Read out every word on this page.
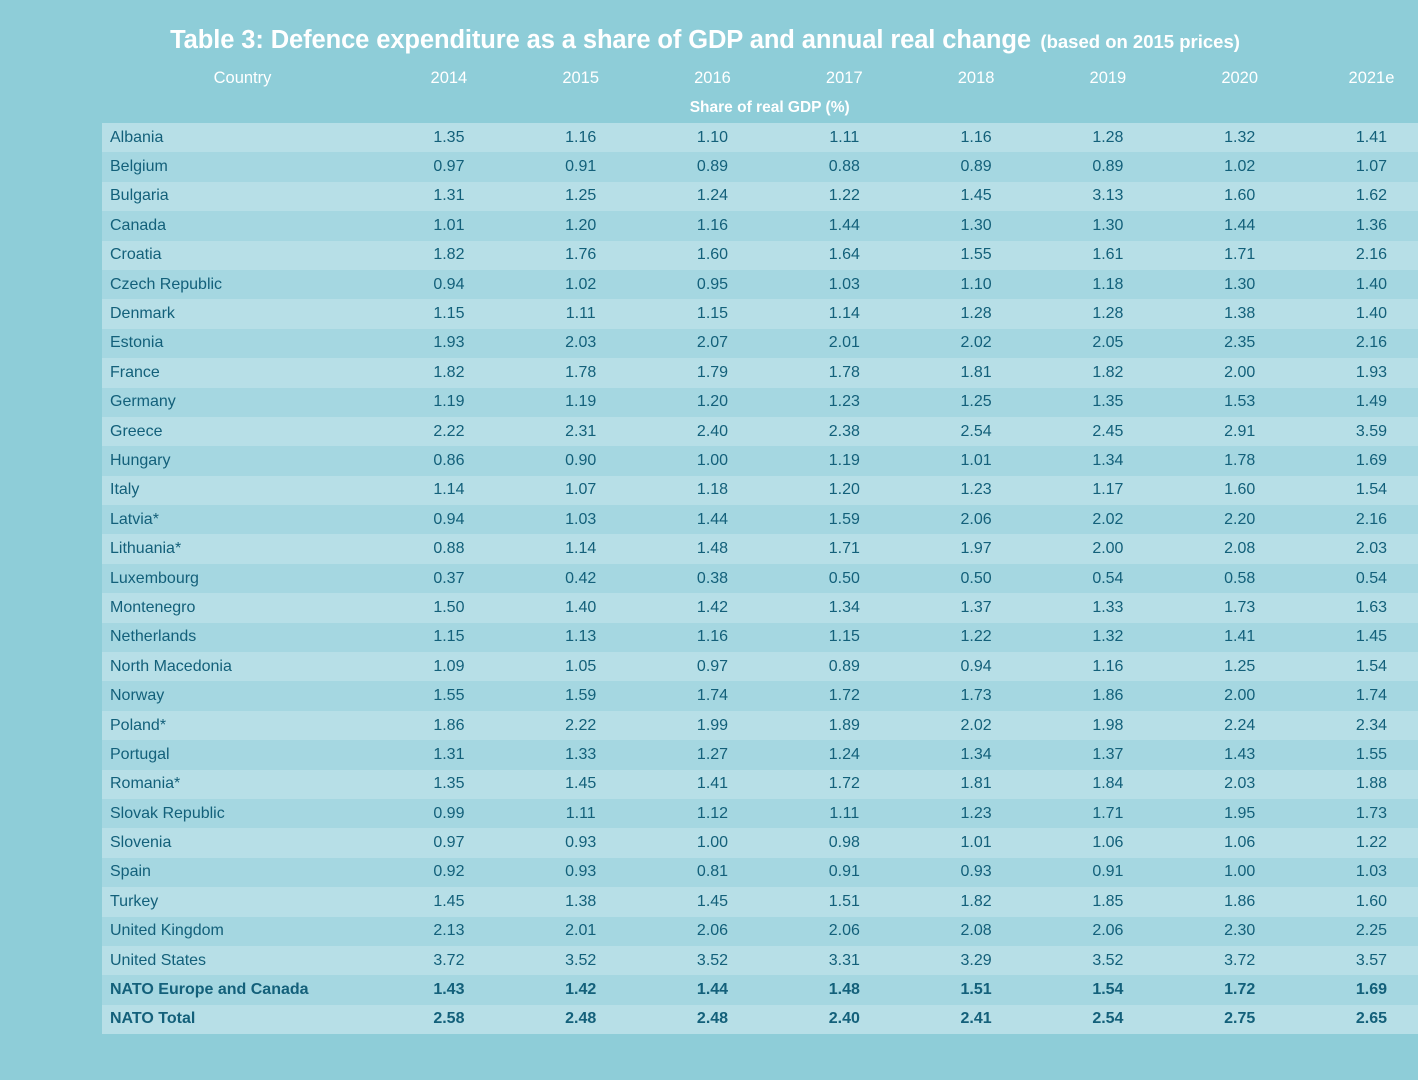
Table 3: Defence expenditure as a share of GDP and annual real change (based on 2015 prices)
Country	2014	2015	2016	2017	2018	2019	2020	2021e
Share of real GDP (%)								
Albania	1.35	1.16	1.10	1.11	1.16	1.28	1.32	1.41
Belgium	0.97	0.91	0.89	0.88	0.89	0.89	1.02	1.07
Bulgaria	1.31	1.25	1.24	1.22	1.45	3.13	1.60	1.62
Canada	1.01	1.20	1.16	1.44	1.30	1.30	1.44	1.36
Croatia	1.82	1.76	1.60	1.64	1.55	1.61	1.71	2.16
Czech Republic	0.94	1.02	0.95	1.03	1.10	1.18	1.30	1.40
Denmark	1.15	1.11	1.15	1.14	1.28	1.28	1.38	1.40
Estonia	1.93	2.03	2.07	2.01	2.02	2.05	2.35	2.16
France	1.82	1.78	1.79	1.78	1.81	1.82	2.00	1.93
Germany	1.19	1.19	1.20	1.23	1.25	1.35	1.53	1.49
Greece	2.22	2.31	2.40	2.38	2.54	2.45	2.91	3.59
Hungary	0.86	0.90	1.00	1.19	1.01	1.34	1.78	1.69
Italy	1.14	1.07	1.18	1.20	1.23	1.17	1.60	1.54
Latvia*	0.94	1.03	1.44	1.59	2.06	2.02	2.20	2.16
Lithuania*	0.88	1.14	1.48	1.71	1.97	2.00	2.08	2.03
Luxembourg	0.37	0.42	0.38	0.50	0.50	0.54	0.58	0.54
Montenegro	1.50	1.40	1.42	1.34	1.37	1.33	1.73	1.63
Netherlands	1.15	1.13	1.16	1.15	1.22	1.32	1.41	1.45
North Macedonia	1.09	1.05	0.97	0.89	0.94	1.16	1.25	1.54
Norway	1.55	1.59	1.74	1.72	1.73	1.86	2.00	1.74
Poland*	1.86	2.22	1.99	1.89	2.02	1.98	2.24	2.34
Portugal	1.31	1.33	1.27	1.24	1.34	1.37	1.43	1.55
Romania*	1.35	1.45	1.41	1.72	1.81	1.84	2.03	1.88
Slovak Republic	0.99	1.11	1.12	1.11	1.23	1.71	1.95	1.73
Slovenia	0.97	0.93	1.00	0.98	1.01	1.06	1.06	1.22
Spain	0.92	0.93	0.81	0.91	0.93	0.91	1.00	1.03
Turkey	1.45	1.38	1.45	1.51	1.82	1.85	1.86	1.60
United Kingdom	2.13	2.01	2.06	2.06	2.08	2.06	2.30	2.25
United States	3.72	3.52	3.52	3.31	3.29	3.52	3.72	3.57
NATO Europe and Canada	1.43	1.42	1.44	1.48	1.51	1.54	1.72	1.69
NATO Total	2.58	2.48	2.48	2.40	2.41	2.54	2.75	2.65
